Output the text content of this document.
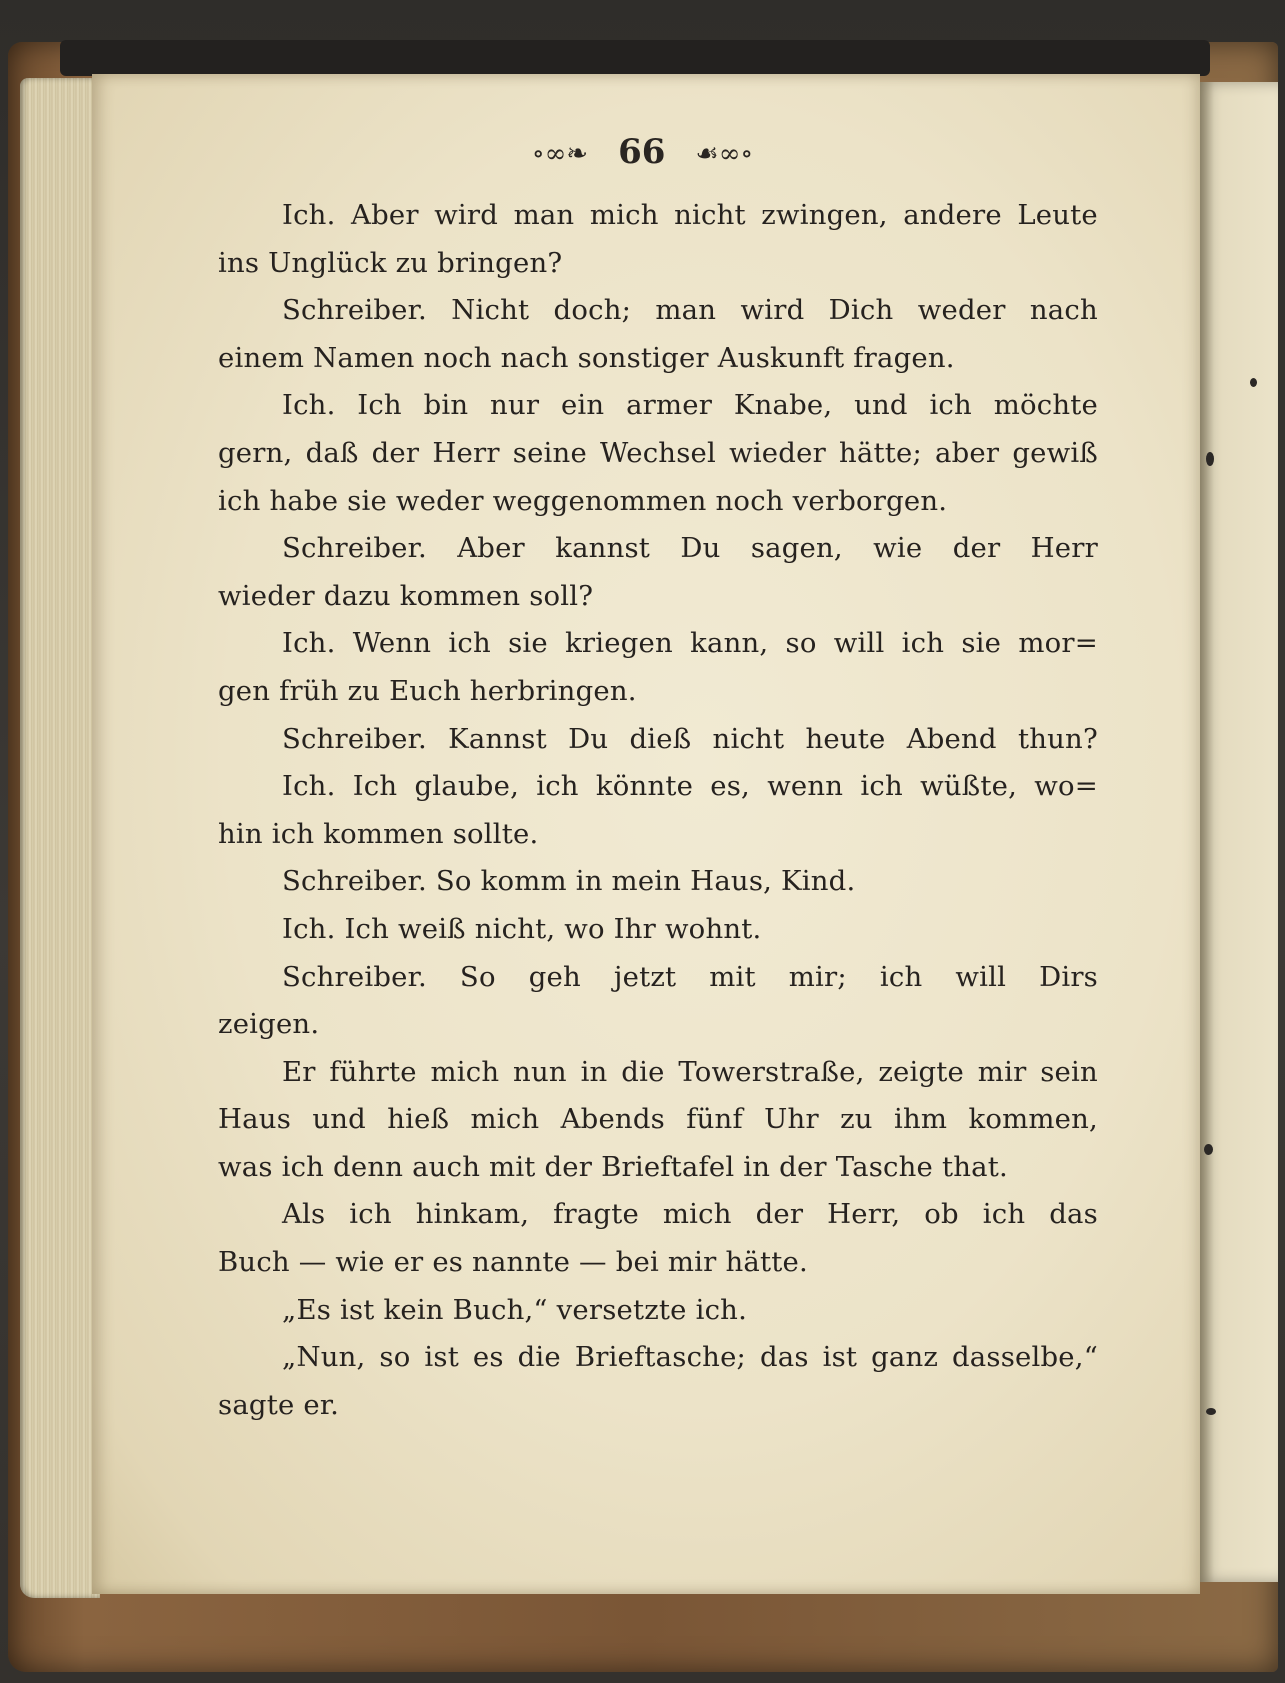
∘∞❧ 66 ☙∞∘
Ich. Aber wird man mich nicht zwingen, andere Leute
ins Unglück zu bringen?
Schreiber. Nicht doch; man wird Dich weder nach
einem Namen noch nach sonstiger Auskunft fragen.
Ich. Ich bin nur ein armer Knabe, und ich möchte
gern, daß der Herr seine Wechsel wieder hätte; aber gewiß
ich habe sie weder weggenommen noch verborgen.
Schreiber. Aber kannst Du sagen, wie der Herr
wieder dazu kommen soll?
Ich. Wenn ich sie kriegen kann, so will ich sie mor=
gen früh zu Euch herbringen.
Schreiber. Kannst Du dieß nicht heute Abend thun?
Ich. Ich glaube, ich könnte es, wenn ich wüßte, wo=
hin ich kommen sollte.
Schreiber. So komm in mein Haus, Kind.
Ich. Ich weiß nicht, wo Ihr wohnt.
Schreiber. So geh jetzt mit mir; ich will Dirs
zeigen.
Er führte mich nun in die Towerstraße, zeigte mir sein
Haus und hieß mich Abends fünf Uhr zu ihm kommen,
was ich denn auch mit der Brieftafel in der Tasche that.
Als ich hinkam, fragte mich der Herr, ob ich das
Buch — wie er es nannte — bei mir hätte.
„Es ist kein Buch,“ versetzte ich.
„Nun, so ist es die Brieftasche; das ist ganz dasselbe,“
sagte er.
